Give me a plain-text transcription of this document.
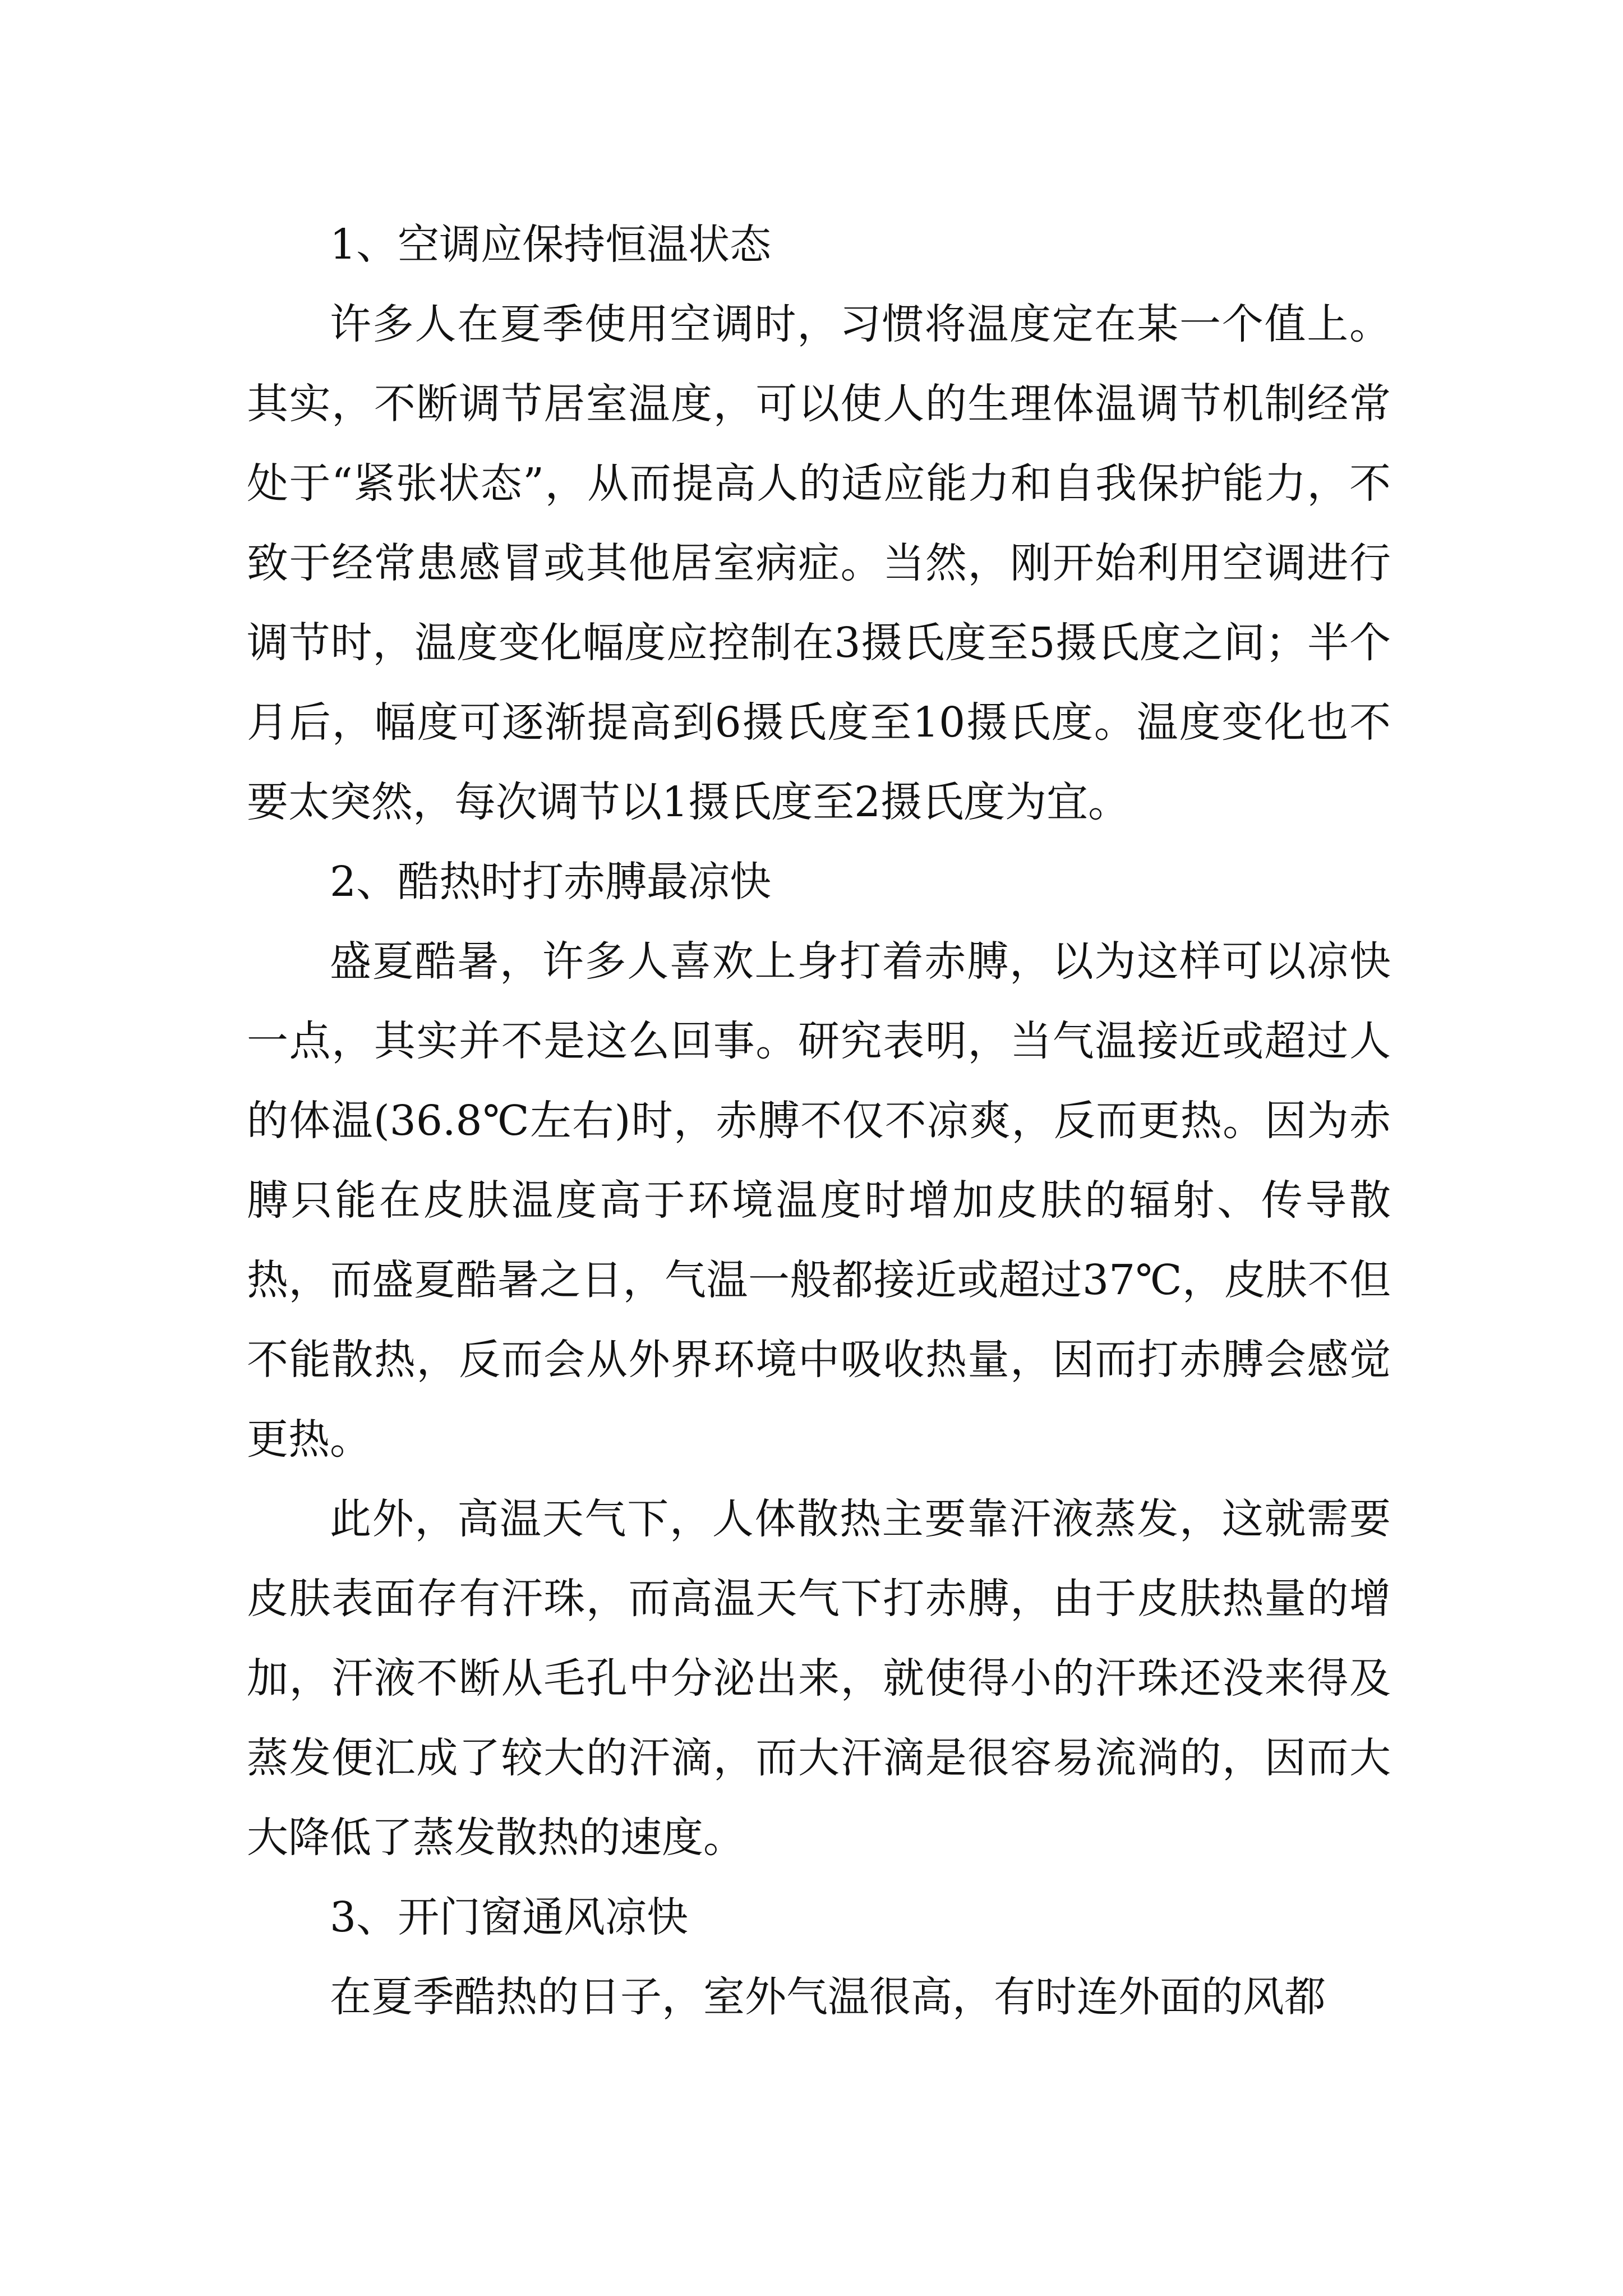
1、空调应保持恒温状态

许多人在夏季使用空调时，习惯将温度定在某一个值上。其实，不断调节居室温度，可以使人的生理体温调节机制经常处于“紧张状态”，从而提高人的适应能力和自我保护能力，不致于经常患感冒或其他居室病症。当然，刚开始利用空调进行调节时，温度变化幅度应控制在3摄氏度至5摄氏度之间；半个月后，幅度可逐渐提高到6摄氏度至10摄氏度。温度变化也不要太突然，每次调节以1摄氏度至2摄氏度为宜。

2、酷热时打赤膊最凉快

盛夏酷暑，许多人喜欢上身打着赤膊，以为这样可以凉快一点，其实并不是这么回事。研究表明，当气温接近或超过人的体温(36.8℃左右)时，赤膊不仅不凉爽，反而更热。因为赤膊只能在皮肤温度高于环境温度时增加皮肤的辐射、传导散热，而盛夏酷暑之日，气温一般都接近或超过37℃，皮肤不但不能散热，反而会从外界环境中吸收热量，因而打赤膊会感觉更热。

此外，高温天气下，人体散热主要靠汗液蒸发，这就需要皮肤表面存有汗珠，而高温天气下打赤膊，由于皮肤热量的增加，汗液不断从毛孔中分泌出来，就使得小的汗珠还没来得及蒸发便汇成了较大的汗滴，而大汗滴是很容易流淌的，因而大大降低了蒸发散热的速度。

3、开门窗通风凉快

在夏季酷热的日子，室外气温很高，有时连外面的风都
